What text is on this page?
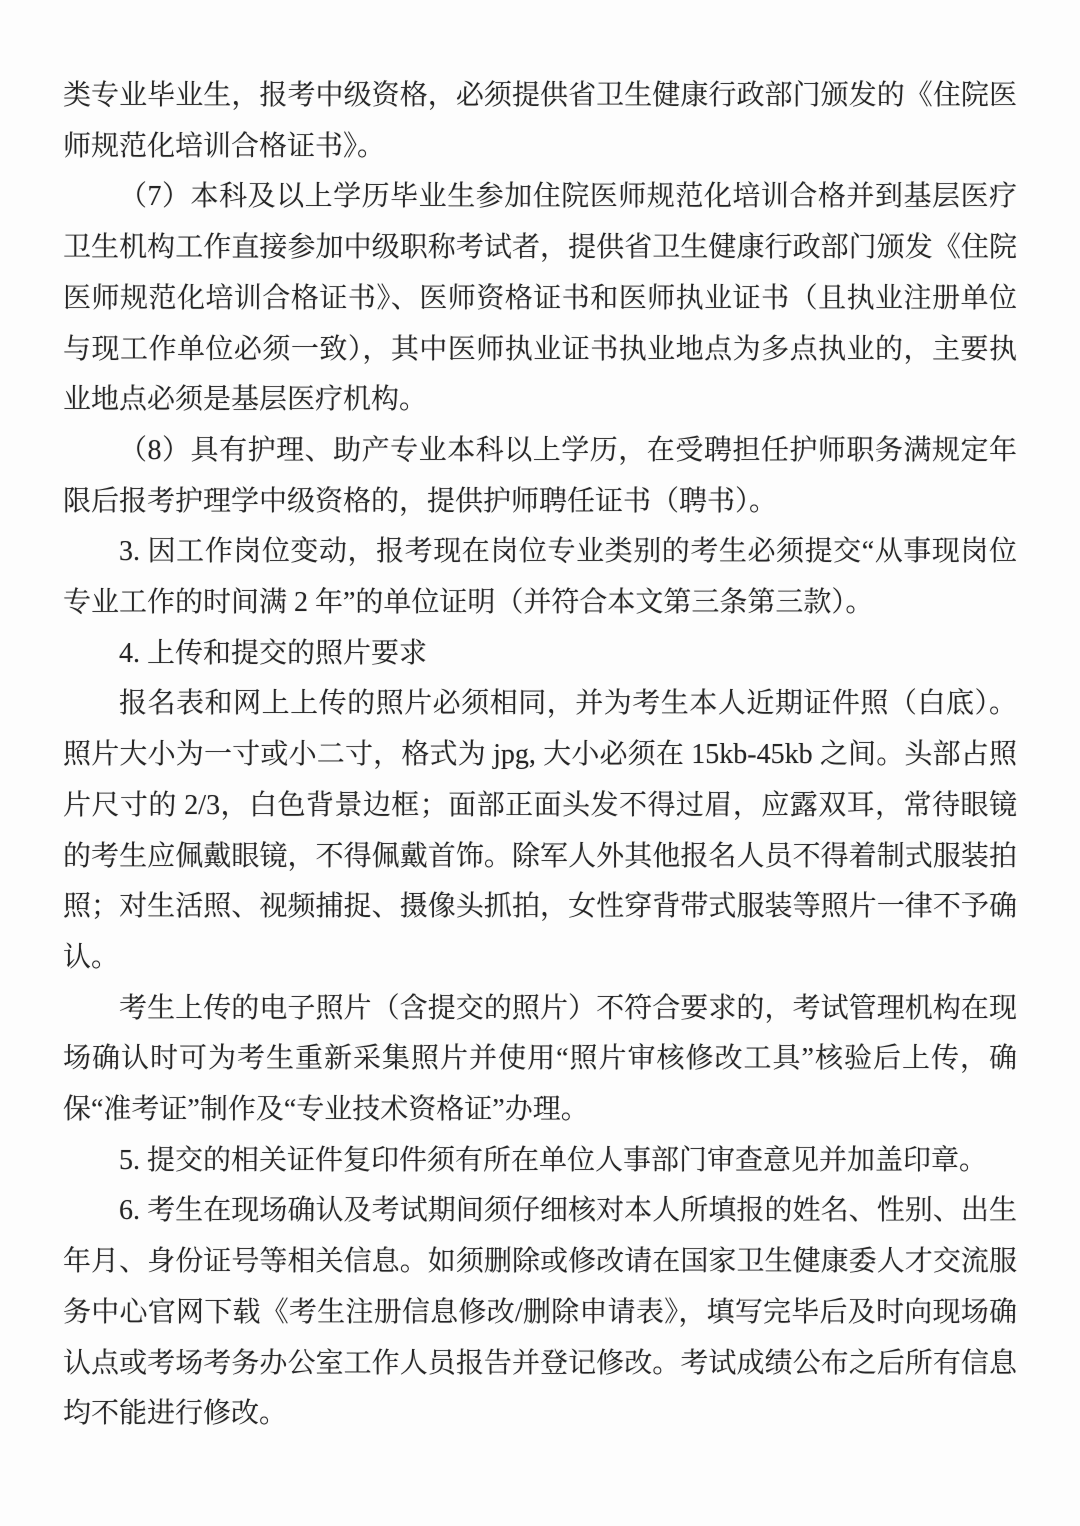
类专业毕业生，报考中级资格，必须提供省卫生健康行政部门颁发的《住院医师规范化培训合格证书》。

（7）本科及以上学历毕业生参加住院医师规范化培训合格并到基层医疗卫生机构工作直接参加中级职称考试者，提供省卫生健康行政部门颁发《住院医师规范化培训合格证书》、医师资格证书和医师执业证书（且执业注册单位与现工作单位必须一致），其中医师执业证书执业地点为多点执业的，主要执业地点必须是基层医疗机构。

（8）具有护理、助产专业本科以上学历，在受聘担任护师职务满规定年限后报考护理学中级资格的，提供护师聘任证书（聘书）。

3. 因工作岗位变动，报考现在岗位专业类别的考生必须提交“从事现岗位专业工作的时间满 2 年”的单位证明（并符合本文第三条第三款）。

4. 上传和提交的照片要求

报名表和网上上传的照片必须相同，并为考生本人近期证件照（白底）。照片大小为一寸或小二寸，格式为 jpg, 大小必须在 15kb-45kb 之间。头部占照片尺寸的 2/3，白色背景边框；面部正面头发不得过眉，应露双耳，常待眼镜的考生应佩戴眼镜，不得佩戴首饰。除军人外其他报名人员不得着制式服装拍照；对生活照、视频捕捉、摄像头抓拍，女性穿背带式服装等照片一律不予确认。

考生上传的电子照片（含提交的照片）不符合要求的，考试管理机构在现场确认时可为考生重新采集照片并使用“照片审核修改工具”核验后上传，确保“准考证”制作及“专业技术资格证”办理。

5. 提交的相关证件复印件须有所在单位人事部门审查意见并加盖印章。

6. 考生在现场确认及考试期间须仔细核对本人所填报的姓名、性别、出生年月、身份证号等相关信息。如须删除或修改请在国家卫生健康委人才交流服务中心官网下载《考生注册信息修改/删除申请表》，填写完毕后及时向现场确认点或考场考务办公室工作人员报告并登记修改。考试成绩公布之后所有信息均不能进行修改。
